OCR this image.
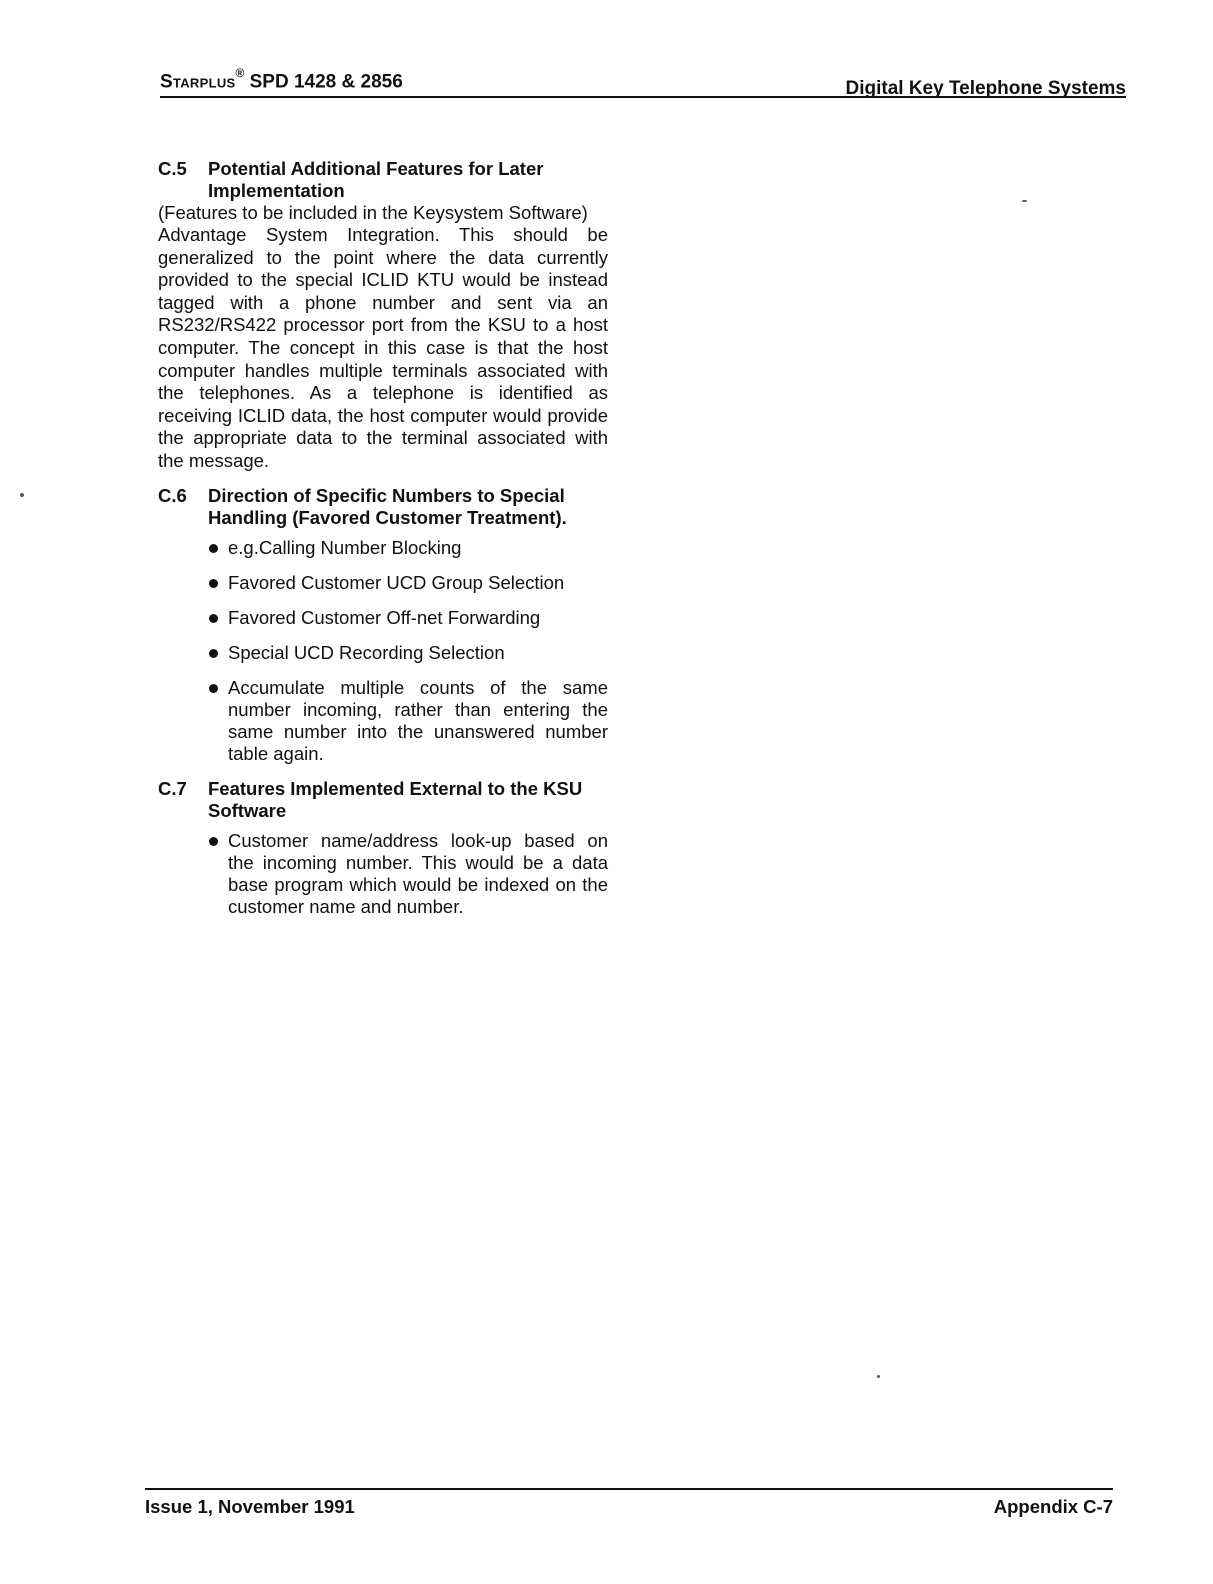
Starplus® SPD 1428 & 2856	Digital Key Telephone Systems
C.5	Potential Additional Features for Later Implementation
(Features to be included in the Keysystem Software)
Advantage System Integration. This should be generalized to the point where the data currently provided to the special ICLID KTU would be instead tagged with a phone number and sent via an RS232/RS422 processor port from the KSU to a host computer. The concept in this case is that the host computer handles multiple terminals associated with the telephones. As a telephone is identified as receiving ICLID data, the host computer would provide the appropriate data to the terminal associated with the message.
C.6	Direction of Specific Numbers to Special Handling (Favored Customer Treatment).
e.g.Calling Number Blocking
Favored Customer UCD Group Selection
Favored Customer Off-net Forwarding
Special UCD Recording Selection
Accumulate multiple counts of the same number incoming, rather than entering the same number into the unanswered number table again.
C.7	Features Implemented External to the KSU Software
Customer name/address look-up based on the incoming number. This would be a data base program which would be indexed on the customer name and number.
Issue 1, November 1991	Appendix C-7
